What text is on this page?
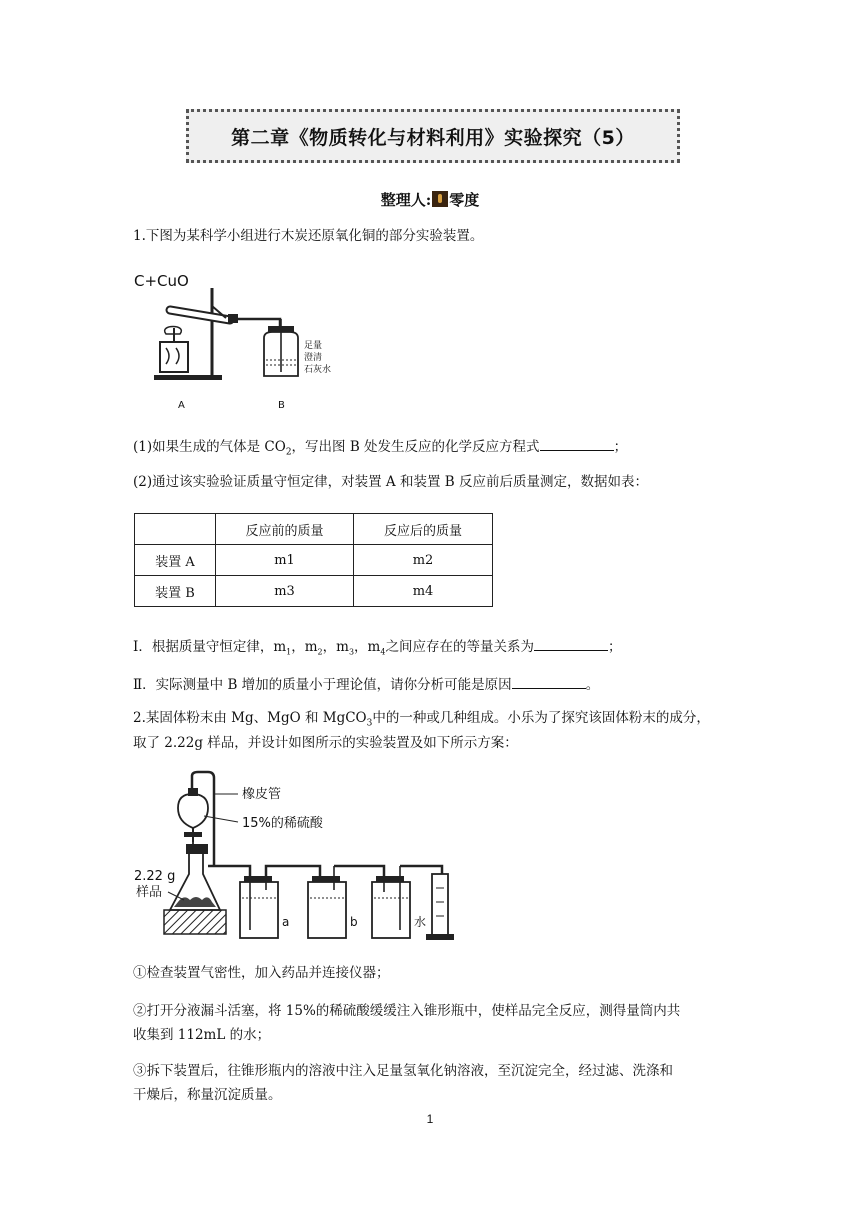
第二章《物质转化与材料利用》实验探究（5）
整理人: 零度
1.下图为某科学小组进行木炭还原氧化铜的部分实验装置。
C+CuO
足量
澄清
石灰水
A	B
(1)如果生成的气体是 $CO_2$，写出图 B 处发生反应的化学反应方程式	；
(2)通过该实验验证质量守恒定律，对装置 A 和装置 B 反应前后质量测定，数据如表：
	反应前的质量	反应后的质量
装置 A	m1	m2
装置 B	m3	m4
Ⅰ．根据质量守恒定律，$m_1$，$m_2$，$m_3$，$m_4$之间应存在的等量关系为	；
Ⅱ．实际测量中 B 增加的质量小于理论值，请你分析可能是原因	。
2.某固体粉末由 Mg、MgO 和 MgCO$_3$中的一种或几种组成。小乐为了探究该固体粉末的成分，
取了 2.22g 样品，并设计如图所示的实验装置及如下所示方案：
橡皮管
15%的稀硫酸
2.22 g
样品
a	b	水
①检查装置气密性，加入药品并连接仪器；
②打开分液漏斗活塞，将 15%的稀硫酸缓缓注入锥形瓶中，使样品完全反应，测得量筒内共
收集到 112mL 的水；
③拆下装置后，往锥形瓶内的溶液中注入足量氢氧化钠溶液，至沉淀完全，经过滤、洗涤和
干燥后，称量沉淀质量。
1
